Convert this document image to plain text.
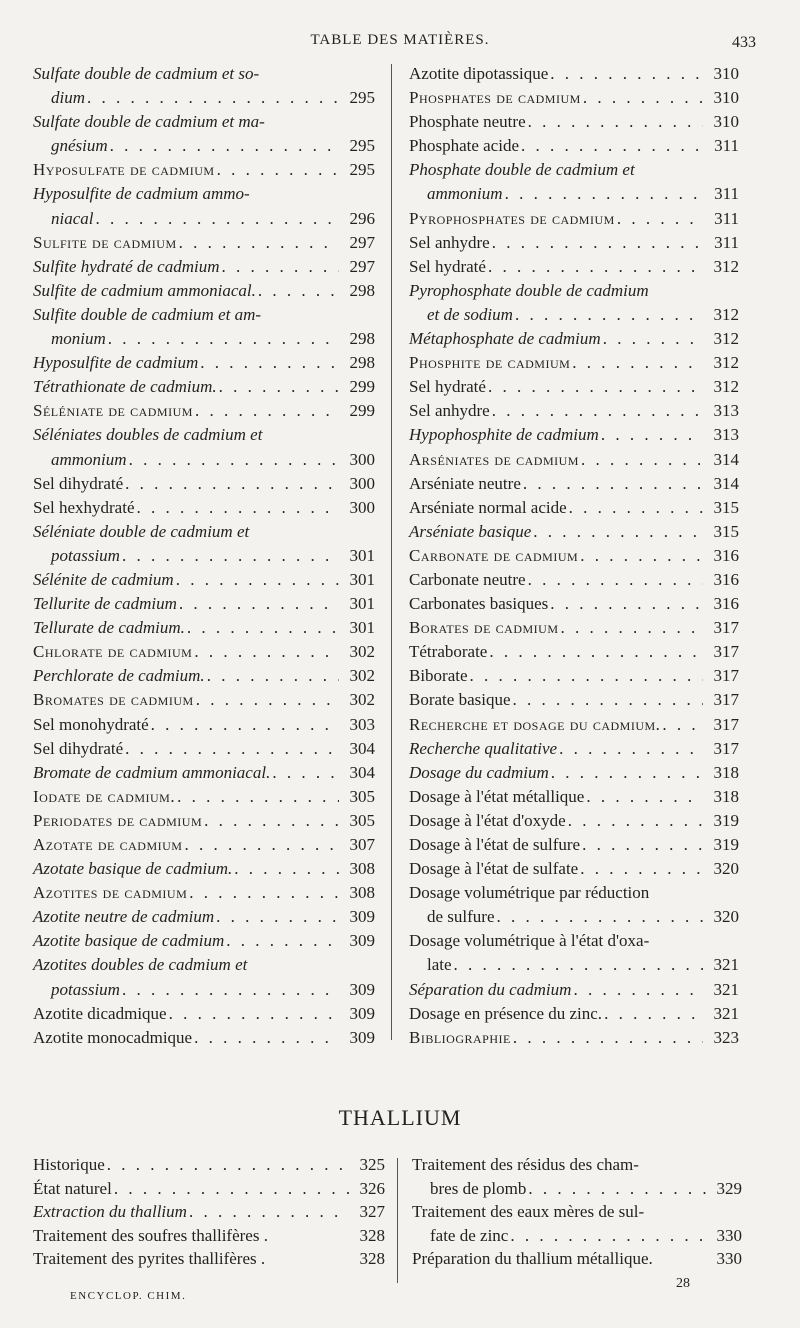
TABLE DES MATIÈRES.	433
Sulfate double de cadmium et so-
dium . . .	295
Sulfate double de cadmium et ma-
gnésium . . .	295
Hyposulfate de cadmium . . .	295
Hyposulfite de cadmium ammo-
niacal . . .	296
Sulfite de cadmium . . .	297
Sulfite hydraté de cadmium . . .	297
Sulfite de cadmium ammoniacal. . . .	298
Sulfite double de cadmium et am-
monium . . .	298
Hyposulfite de cadmium . . .	298
Tétrathionate de cadmium. . . .	299
Séléniate de cadmium . . .	299
Séléniates doubles de cadmium et
ammonium . . .	300
Sel dihydraté . . .	300
Sel hexhydraté . . .	300
Séléniate double de cadmium et
potassium . . .	301
Sélénite de cadmium . . .	301
Tellurite de cadmium . . .	301
Tellurate de cadmium. . . .	301
Chlorate de cadmium . . .	302
Perchlorate de cadmium. . . .	302
Bromates de cadmium . . .	302
Sel monohydraté . . .	303
Sel dihydraté . . .	304
Bromate de cadmium ammoniacal. . . .	304
Iodate de cadmium. . . .	305
Periodates de cadmium . . .	305
Azotate de cadmium . . .	307
Azotate basique de cadmium. . . .	308
Azotites de cadmium . . .	308
Azotite neutre de cadmium . . .	309
Azotite basique de cadmium . . .	309
Azotites doubles de cadmium et
potassium . . .	309
Azotite dicadmique . . .	309
Azotite monocadmique . . .	309
Azotite dipotassique . . .	310
Phosphates de cadmium . . .	310
Phosphate neutre . . .	310
Phosphate acide . . .	311
Phosphate double de cadmium et
ammonium . . .	311
Pyrophosphates de cadmium . . .	311
Sel anhydre . . .	311
Sel hydraté . . .	312
Pyrophosphate double de cadmium
et de sodium . . .	312
Métaphosphate de cadmium . . .	312
Phosphite de cadmium . . .	312
Sel hydraté . . .	312
Sel anhydre . . .	313
Hypophosphite de cadmium . . .	313
Arséniates de cadmium . . .	314
Arséniate neutre . . .	314
Arséniate normal acide . . .	315
Arséniate basique . . .	315
Carbonate de cadmium . . .	316
Carbonate neutre . . .	316
Carbonates basiques . . .	316
Borates de cadmium . . .	317
Tétraborate . . .	317
Biborate . . .	317
Borate basique . . .	317
Recherche et dosage du cadmium. . . .	317
Recherche qualitative . . .	317
Dosage du cadmium . . .	318
Dosage à l'état métallique . . .	318
Dosage à l'état d'oxyde . . .	319
Dosage à l'état de sulfure . . .	319
Dosage à l'état de sulfate . . .	320
Dosage volumétrique par réduction
de sulfure . . .	320
Dosage volumétrique à l'état d'oxa-
late . . .	321
Séparation du cadmium . . .	321
Dosage en présence du zinc. . . .	321
Bibliographie . . .	323
THALLIUM
Historique . . .	325
État naturel . . .	326
Extraction du thallium . . .	327
Traitement des soufres thallifères .	328
Traitement des pyrites thallifères .	328
Traitement des résidus des cham-
bres de plomb . . .	329
Traitement des eaux mères de sul-
fate de zinc . . .	330
Préparation du thallium métallique.	330
ENCYCLOP. CHIM.
28
